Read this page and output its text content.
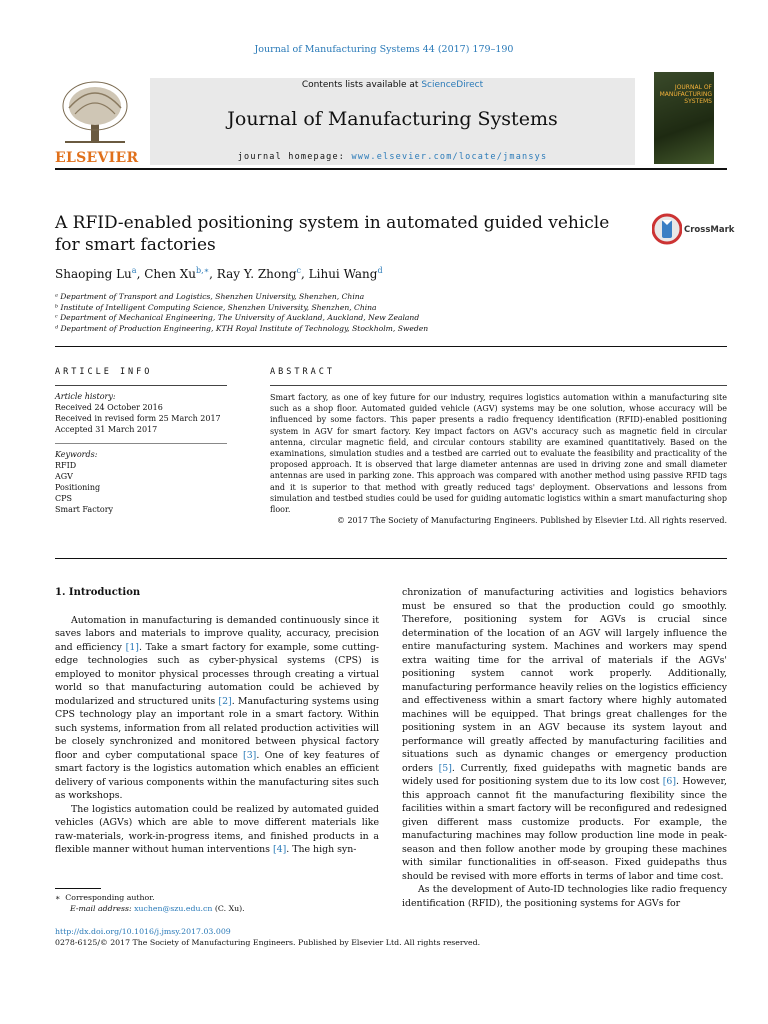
Journal of Manufacturing Systems 44 (2017) 179–190
ELSEVIER
Contents lists available at ScienceDirect
Journal of Manufacturing Systems
journal homepage: www.elsevier.com/locate/jmansys
JOURNAL OF MANUFACTURING SYSTEMS
A RFID-enabled positioning system in automated guided vehicle for smart factories
CrossMark
Shaoping Lu$^a$, Chen $Xu^{b,∗}$, Ray Y. Zhong$^c$, Lihui Wang$^d$
ᵃ Department of Transport and Logistics, Shenzhen University, Shenzhen, China
ᵇ Institute of Intelligent Computing Science, Shenzhen University, Shenzhen, China
ᶜ Department of Mechanical Engineering, The University of Auckland, Auckland, New Zealand
ᵈ Department of Production Engineering, KTH Royal Institute of Technology, Stockholm, Sweden
ARTICLE INFO	ABSTRACT
Article history:
Received 24 October 2016
Received in revised form 25 March 2017
Accepted 31 March 2017
Keywords:
RFID
AGV
Positioning
CPS
Smart Factory
Smart factory, as one of key future for our industry, requires logistics automation within a manufacturing site such as a shop floor. Automated guided vehicle (AGV) systems may be one solution, whose accuracy will be influenced by some factors. This paper presents a radio frequency identification (RFID)-enabled positioning system in AGV for smart factory. Key impact factors on AGV's accuracy such as magnetic field in circular antenna, circular magnetic field, and circular contours stability are examined quantitatively. Based on the examinations, simulation studies and a testbed are carried out to evaluate the feasibility and practicality of the proposed approach. It is observed that large diameter antennas are used in driving zone and small diameter antennas are used in parking zone. This approach was compared with another method using passive RFID tags and it is superior to that method with greatly reduced tags' deployment. Observations and lessons from simulation and testbed studies could be used for guiding automatic logistics within a smart manufacturing shop floor.
© 2017 The Society of Manufacturing Engineers. Published by Elsevier Ltd. All rights reserved.

1. Introduction

Automation in manufacturing is demanded continuously since it saves labors and materials to improve quality, accuracy, precision and efficiency [1]. Take a smart factory for example, some cutting-edge technologies such as cyber-physical systems (CPS) is employed to monitor physical processes through creating a virtual world so that manufacturing automation could be achieved by modularized and structured units [2]. Manufacturing systems using CPS technology play an important role in a smart factory. Within such systems, information from all related production activities will be closely synchronized and monitored between physical factory floor and cyber computational space [3]. One of key features of smart factory is the logistics automation which enables an efficient delivery of various components within the manufacturing sites such as workshops.

The logistics automation could be realized by automated guided vehicles (AGVs) which are able to move different materials like raw-materials, work-in-progress items, and finished products in a flexible manner without human interventions [4]. The high syn-

chronization of manufacturing activities and logistics behaviors must be ensured so that the production could go smoothly. Therefore, positioning system for AGVs is crucial since determination of the location of an AGV will largely influence the entire manufacturing system. Machines and workers may spend extra waiting time for the arrival of materials if the AGVs' positioning system cannot work properly. Additionally, manufacturing performance heavily relies on the logistics efficiency and effectiveness within a smart factory where highly automated machines will be equipped. That brings great challenges for the positioning system in an AGV because its system layout and performance will greatly affected by manufacturing facilities and situations such as dynamic changes or emergency production orders [5]. Currently, fixed guidepaths with magnetic bands are widely used for positioning system due to its low cost [6]. However, this approach cannot fit the manufacturing flexibility since the facilities within a smart factory will be reconfigured and redesigned given different mass customize products. For example, the manufacturing machines may follow production line mode in peak-season and then follow another mode by grouping these machines with similar functionalities in off-season. Fixed guidepaths thus should be revised with more efforts in terms of labor and time cost.

As the development of Auto-ID technologies like radio frequency identification (RFID), the positioning systems for AGVs for

∗ Corresponding author.
E-mail address: xuchen@szu.edu.cn (C. Xu).
http://dx.doi.org/10.1016/j.jmsy.2017.03.009
0278-6125/© 2017 The Society of Manufacturing Engineers. Published by Elsevier Ltd. All rights reserved.
